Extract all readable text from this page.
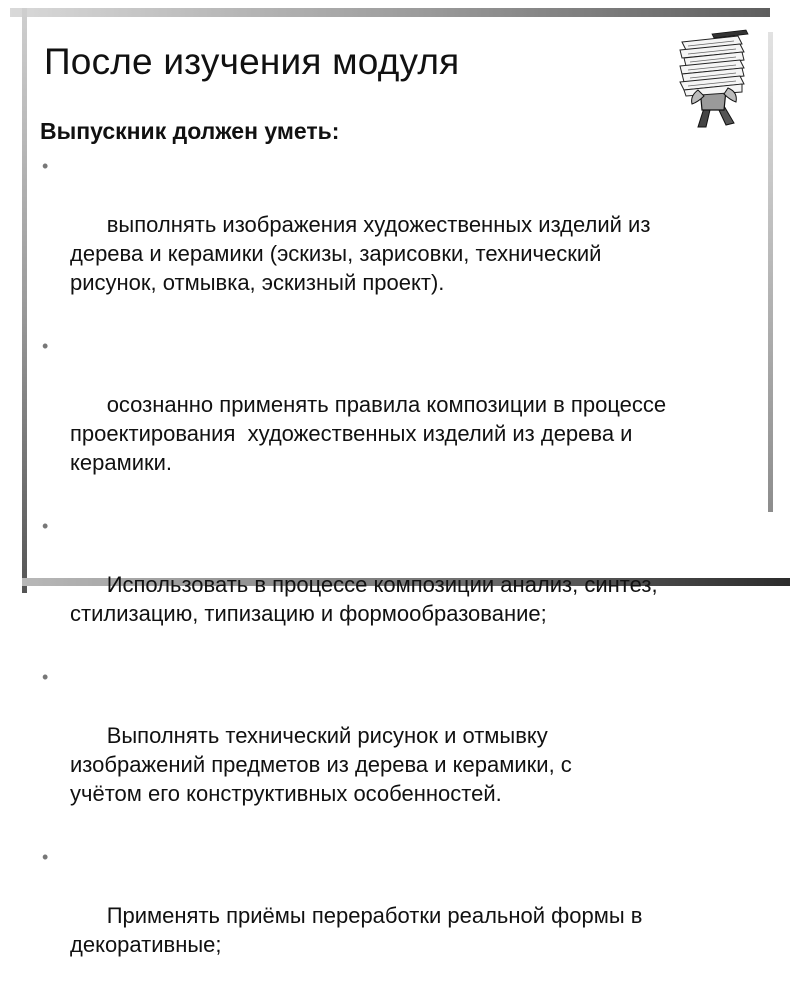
После изучения модуля
Выпускник должен уметь:

•

выполнять изображения художественных изделий из
дерева и керамики (эскизы, зарисовки, технический
рисунок, отмывка, эскизный проект).

•

осознанно применять правила композиции в процессе
проектирования  художественных изделий из дерева и
керамики.

•

Использовать в процессе композиции анализ, синтез,
стилизацию, типизацию и формообразование;

•

Выполнять технический рисунок и отмывку
изображений предметов из дерева и керамики, с
учётом его конструктивных особенностей.

•

Применять приёмы переработки реальной формы в
декоративные;
